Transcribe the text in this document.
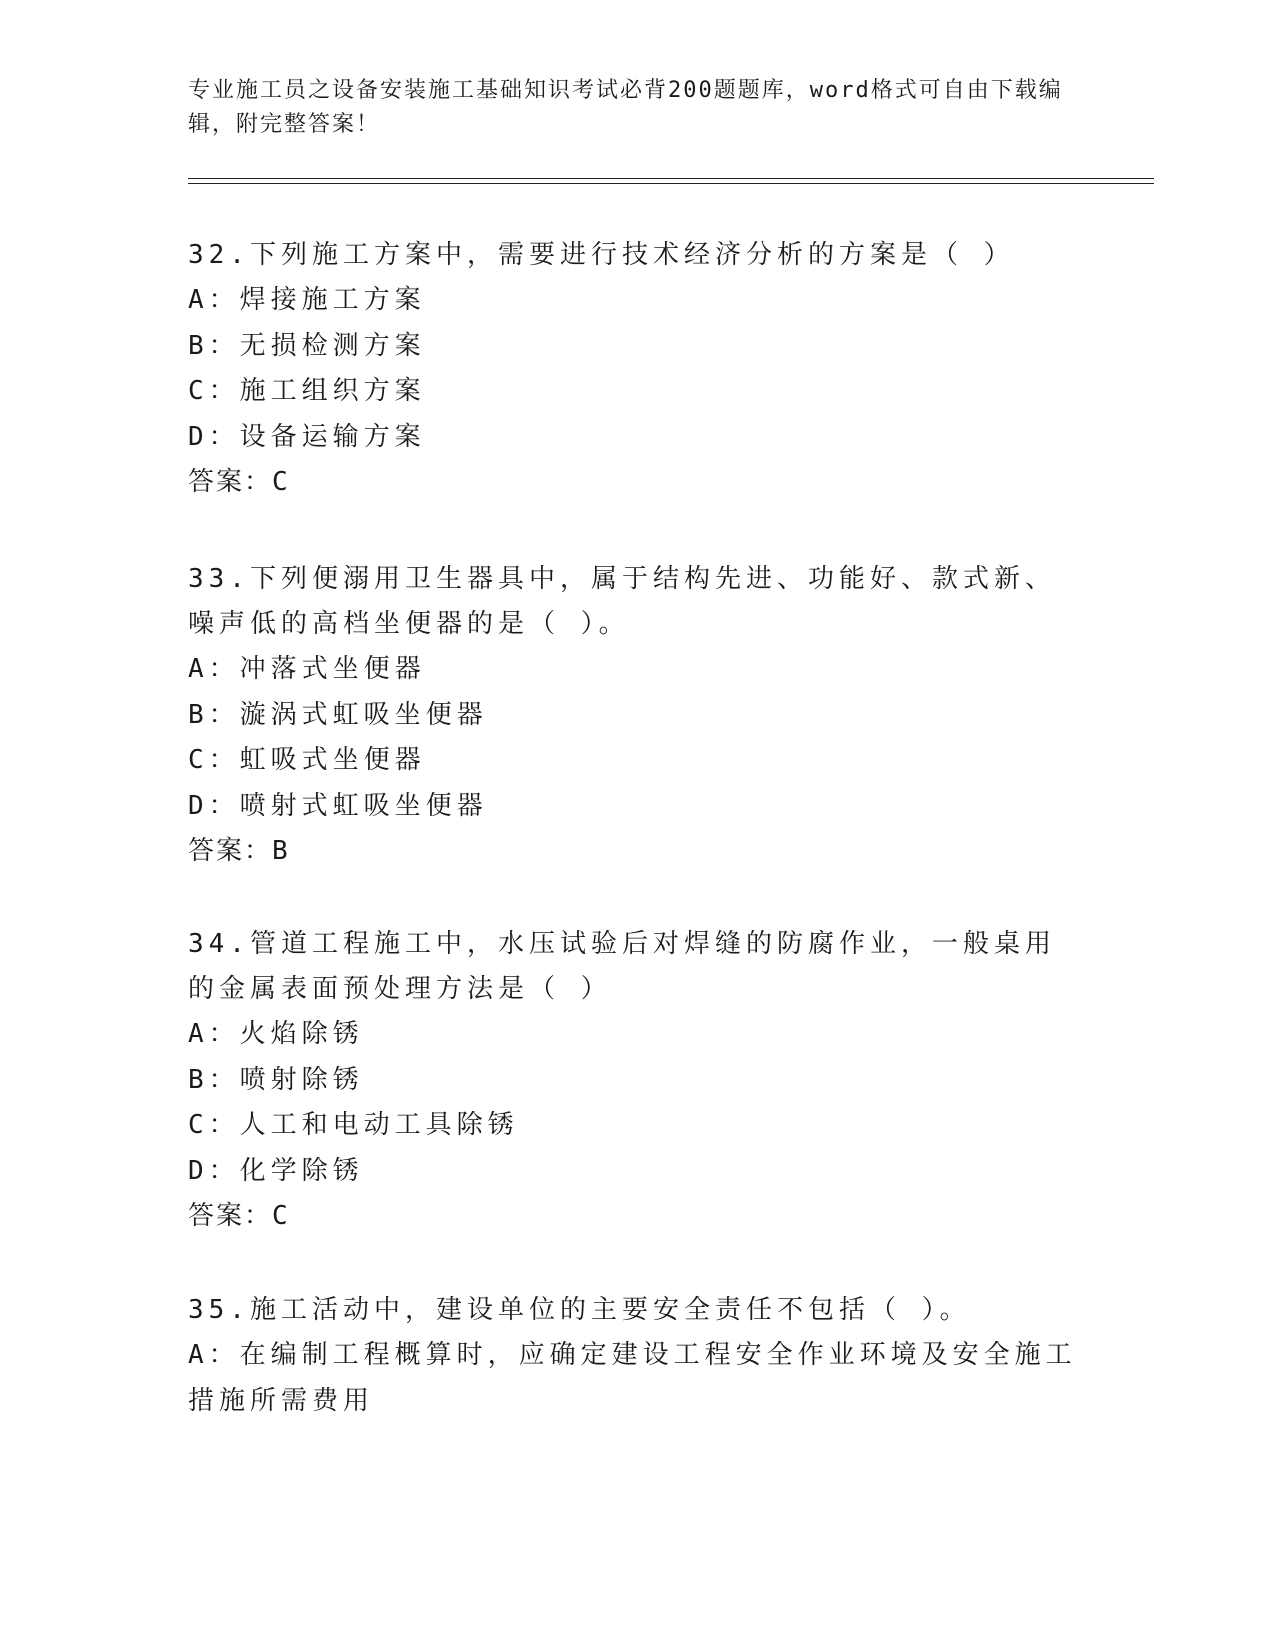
专业施工员之设备安装施工基础知识考试必背200题题库，word格式可自由下载编辑，附完整答案！
32.下列施工方案中，需要进行技术经济分析的方案是（ ）
A：焊接施工方案
B：无损检测方案
C：施工组织方案
D：设备运输方案
答案：C
33.下列便溺用卫生器具中，属于结构先进、功能好、款式新、噪声低的高档坐便器的是（ ）。
A：冲落式坐便器
B：漩涡式虹吸坐便器
C：虹吸式坐便器
D：喷射式虹吸坐便器
答案：B
34.管道工程施工中，水压试验后对焊缝的防腐作业，一般桌用的金属表面预处理方法是（ ）
A：火焰除锈
B：喷射除锈
C：人工和电动工具除锈
D：化学除锈
答案：C
35.施工活动中，建设单位的主要安全责任不包括（ ）。
A：在编制工程概算时，应确定建设工程安全作业环境及安全施工措施所需费用
